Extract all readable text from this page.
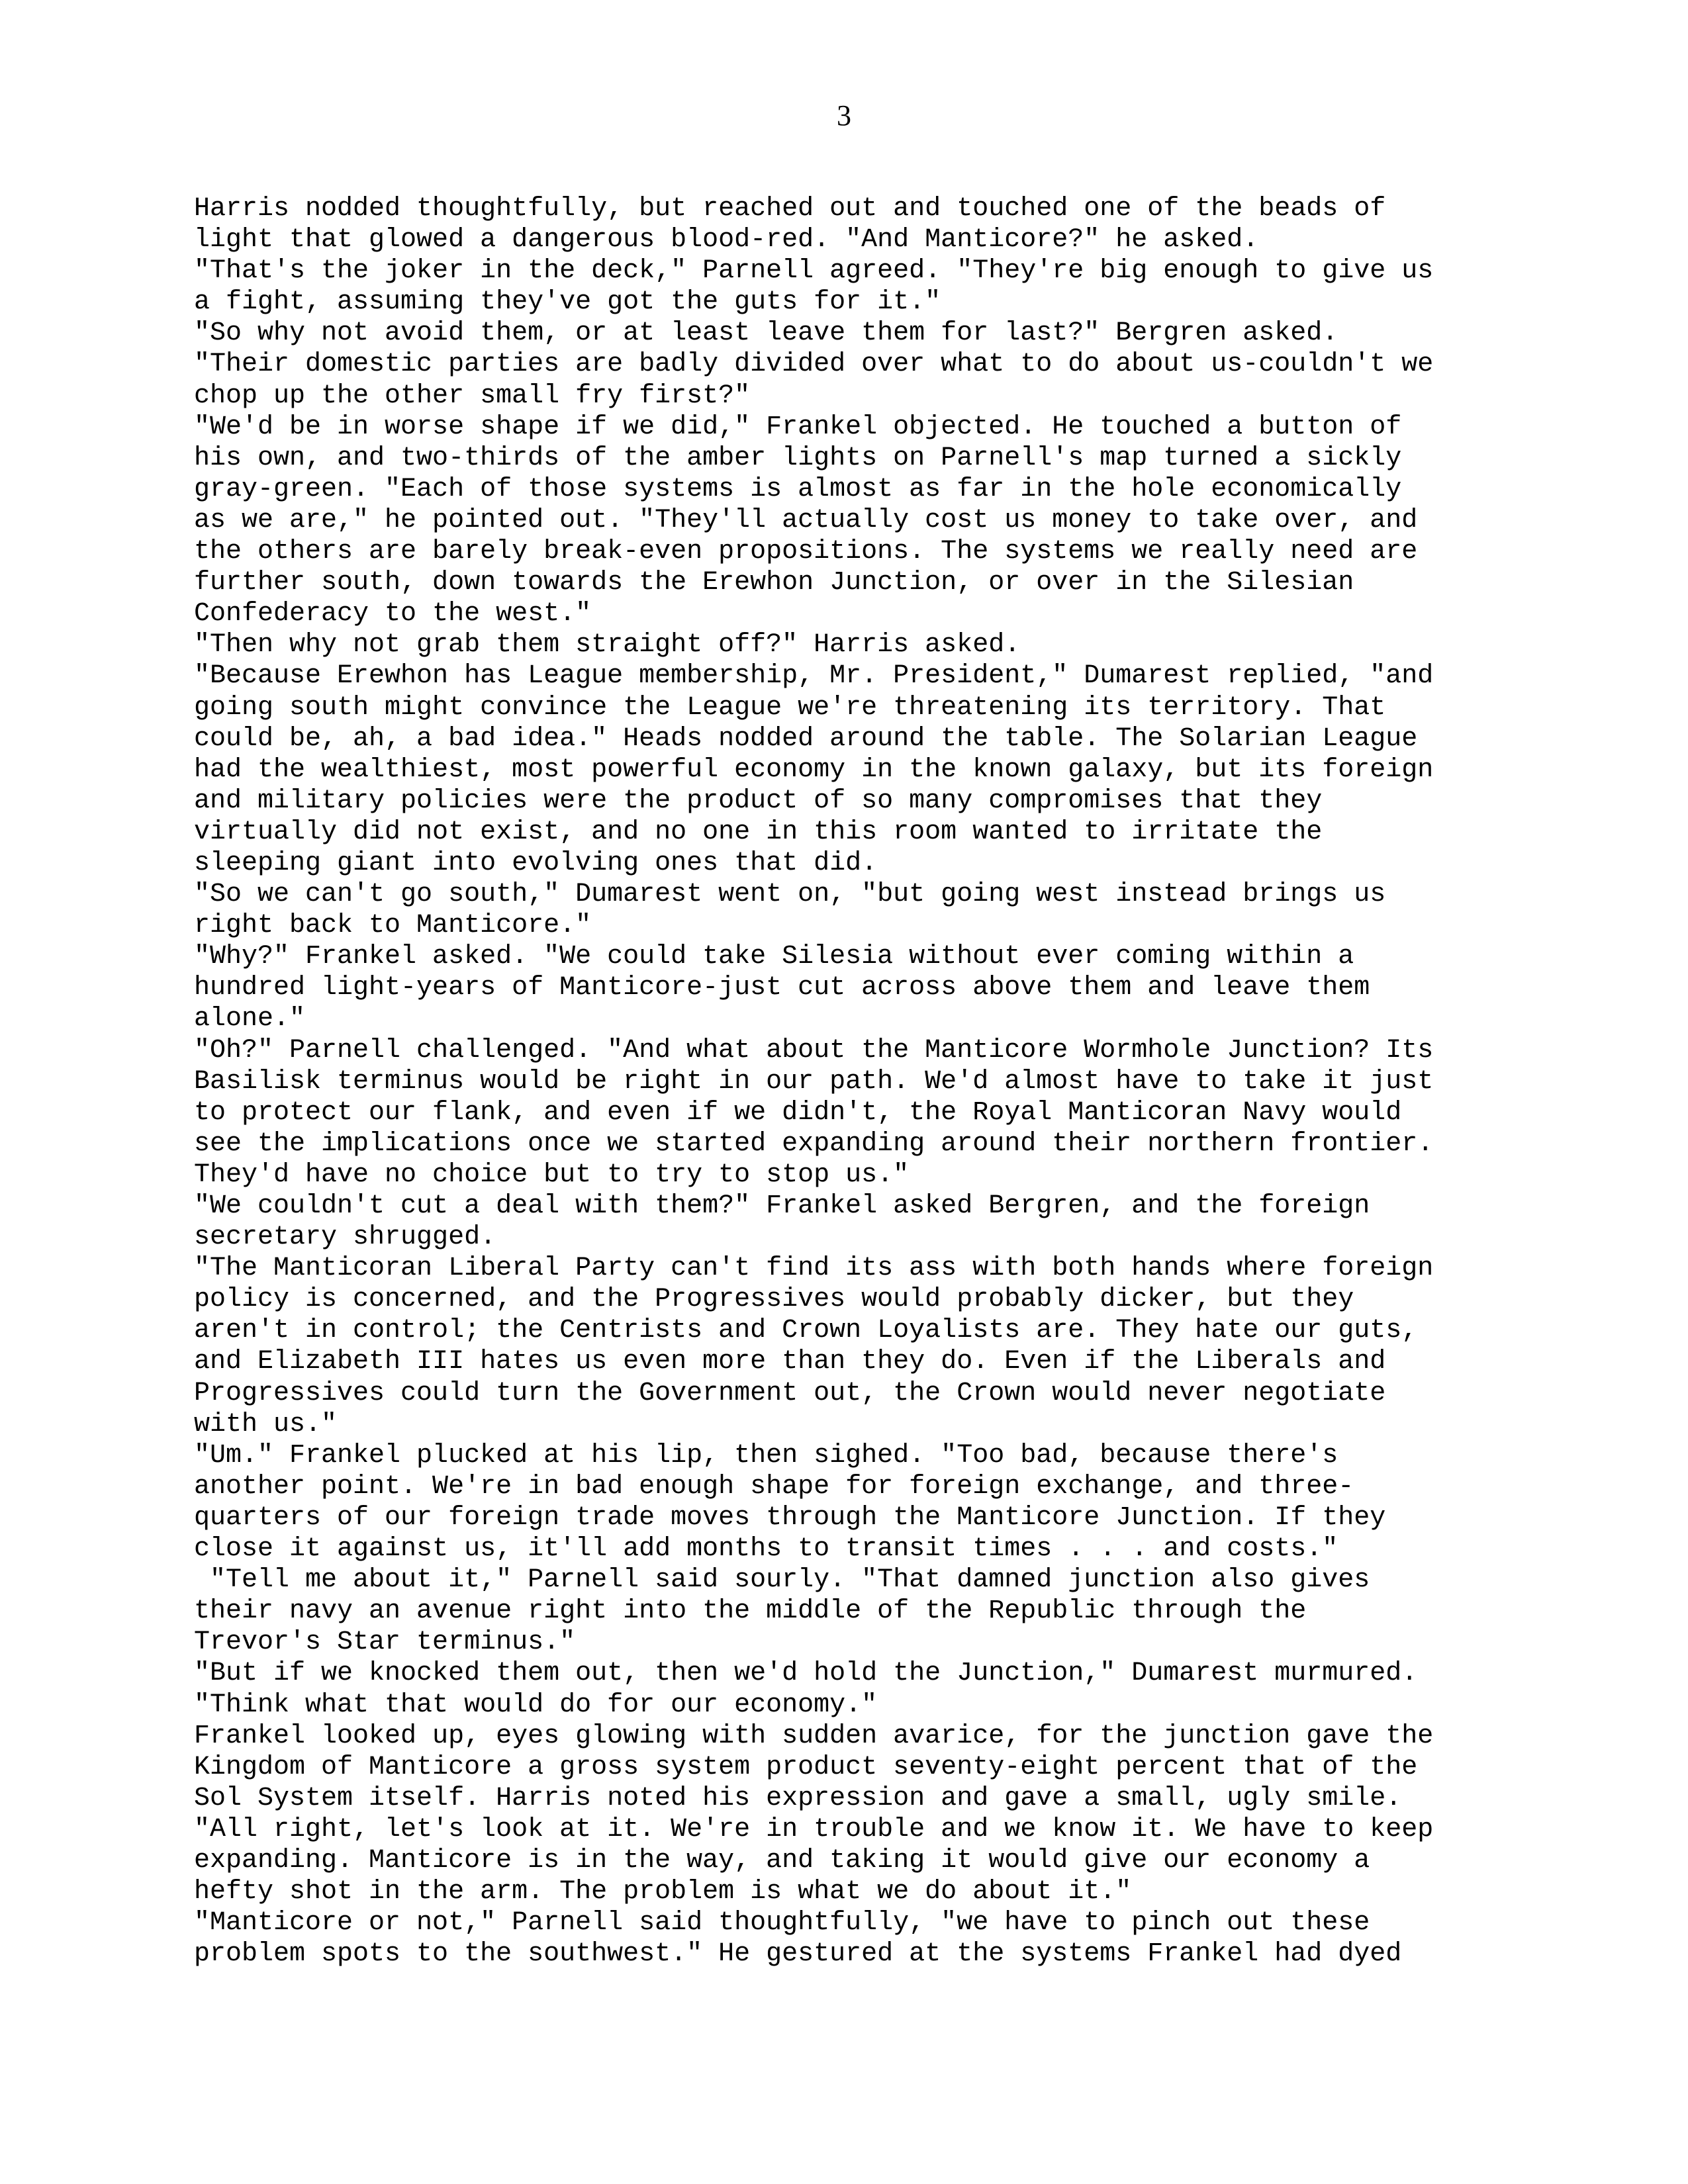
3
Harris nodded thoughtfully, but reached out and touched one of the beads of
light that glowed a dangerous blood-red. "And Manticore?" he asked.
"That's the joker in the deck," Parnell agreed. "They're big enough to give us
a fight, assuming they've got the guts for it."
"So why not avoid them, or at least leave them for last?" Bergren asked.
"Their domestic parties are badly divided over what to do about us-couldn't we
chop up the other small fry first?"
"We'd be in worse shape if we did," Frankel objected. He touched a button of
his own, and two-thirds of the amber lights on Parnell's map turned a sickly
gray-green. "Each of those systems is almost as far in the hole economically
as we are," he pointed out. "They'll actually cost us money to take over, and
the others are barely break-even propositions. The systems we really need are
further south, down towards the Erewhon Junction, or over in the Silesian
Confederacy to the west."
"Then why not grab them straight off?" Harris asked.
"Because Erewhon has League membership, Mr. President," Dumarest replied, "and
going south might convince the League we're threatening its territory. That
could be, ah, a bad idea." Heads nodded around the table. The Solarian League
had the wealthiest, most powerful economy in the known galaxy, but its foreign
and military policies were the product of so many compromises that they
virtually did not exist, and no one in this room wanted to irritate the
sleeping giant into evolving ones that did.
"So we can't go south," Dumarest went on, "but going west instead brings us
right back to Manticore."
"Why?" Frankel asked. "We could take Silesia without ever coming within a
hundred light-years of Manticore-just cut across above them and leave them
alone."
"Oh?" Parnell challenged. "And what about the Manticore Wormhole Junction? Its
Basilisk terminus would be right in our path. We'd almost have to take it just
to protect our flank, and even if we didn't, the Royal Manticoran Navy would
see the implications once we started expanding around their northern frontier.
They'd have no choice but to try to stop us."
"We couldn't cut a deal with them?" Frankel asked Bergren, and the foreign
secretary shrugged.
"The Manticoran Liberal Party can't find its ass with both hands where foreign
policy is concerned, and the Progressives would probably dicker, but they
aren't in control; the Centrists and Crown Loyalists are. They hate our guts,
and Elizabeth III hates us even more than they do. Even if the Liberals and
Progressives could turn the Government out, the Crown would never negotiate
with us."
"Um." Frankel plucked at his lip, then sighed. "Too bad, because there's
another point. We're in bad enough shape for foreign exchange, and three-
quarters of our foreign trade moves through the Manticore Junction. If they
close it against us, it'll add months to transit times . . . and costs."
"Tell me about it," Parnell said sourly. "That damned junction also gives
their navy an avenue right into the middle of the Republic through the
Trevor's Star terminus."
"But if we knocked them out, then we'd hold the Junction," Dumarest murmured.
"Think what that would do for our economy."
Frankel looked up, eyes glowing with sudden avarice, for the junction gave the
Kingdom of Manticore a gross system product seventy-eight percent that of the
Sol System itself. Harris noted his expression and gave a small, ugly smile.
"All right, let's look at it. We're in trouble and we know it. We have to keep
expanding. Manticore is in the way, and taking it would give our economy a
hefty shot in the arm. The problem is what we do about it."
"Manticore or not," Parnell said thoughtfully, "we have to pinch out these
problem spots to the southwest." He gestured at the systems Frankel had dyed
